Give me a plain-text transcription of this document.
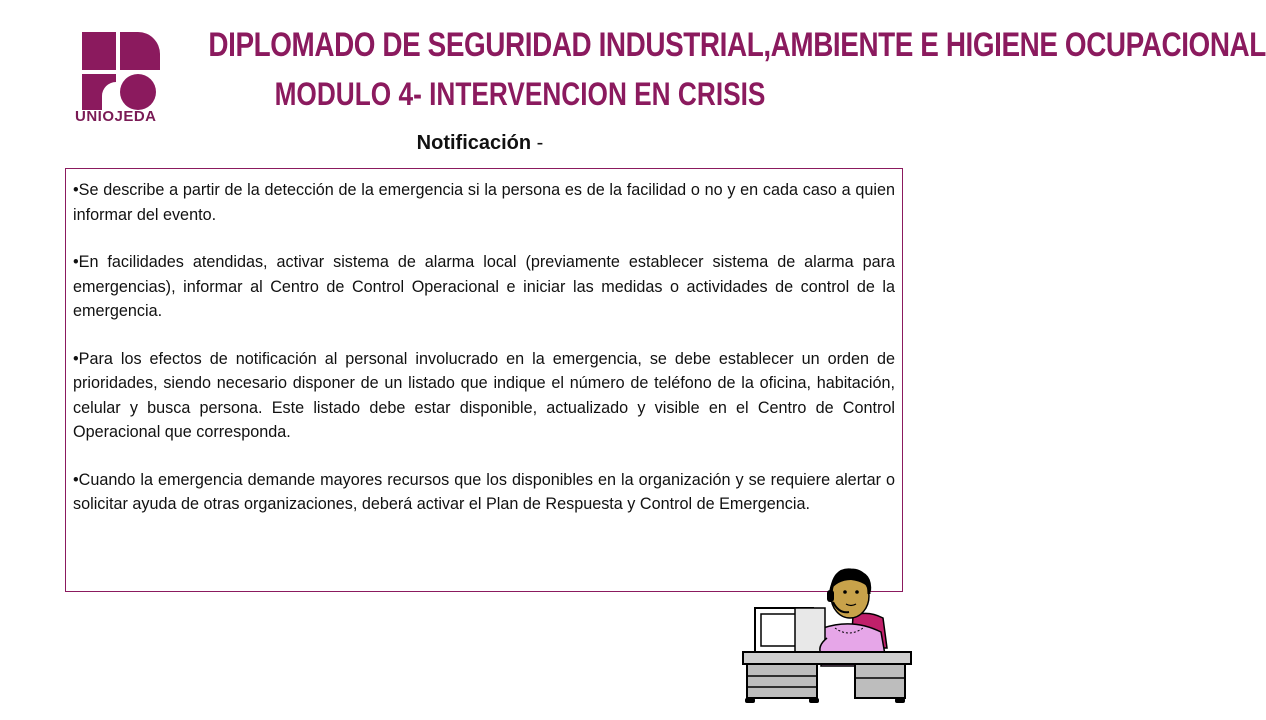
UNIOJEDA
DIPLOMADO DE SEGURIDAD INDUSTRIAL,AMBIENTE E HIGIENE OCUPACIONAL
MODULO 4- INTERVENCION EN CRISIS
Notificación -

•Se describe a partir de la detección de la emergencia si la persona es de la facilidad o no y en cada caso a quien informar del evento.

•En facilidades atendidas, activar sistema de alarma local (previamente establecer sistema de alarma para emergencias), informar al Centro de Control Operacional e iniciar las medidas o actividades de control de la emergencia.

•Para los efectos de notificación al personal involucrado en la emergencia, se debe establecer un orden de prioridades, siendo necesario disponer de un listado que indique el número de teléfono de la oficina, habitación, celular y busca persona. Este listado debe estar disponible, actualizado y visible en el Centro de Control Operacional que corresponda.

•Cuando la emergencia demande mayores recursos que los disponibles en la organización y se requiere alertar o solicitar ayuda de otras organizaciones, deberá activar el Plan de Respuesta y Control de Emergencia.
